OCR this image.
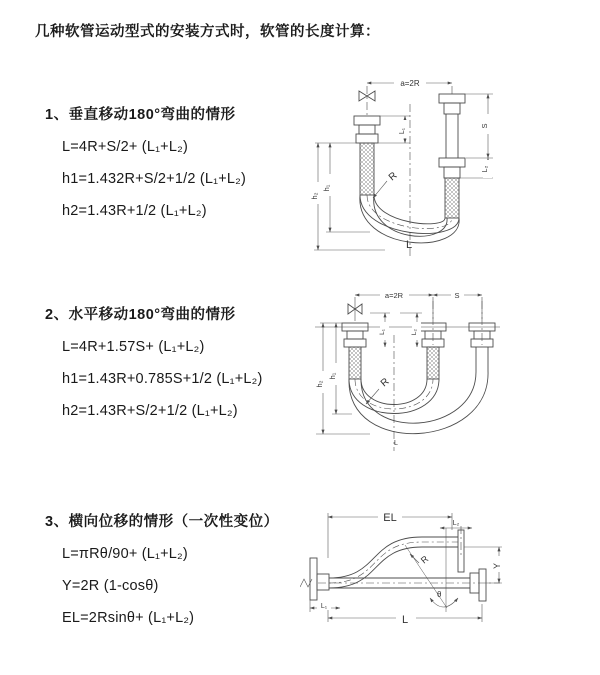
几种软管运动型式的安装方式时，软管的长度计算：
1、垂直移动180°弯曲的情形
L=4R+S/2+ (L₁+L₂)
h1=1.432R+S/2+1/2 (L₁+L₂)
h2=1.43R+1/2 (L₁+L₂)
a=2R
h₂
h₁
L₁
S
L₂
R
L
2、水平移动180°弯曲的情形
L=4R+1.57S+ (L₁+L₂)
h1=1.43R+0.785S+1/2 (L₁+L₂)
h2=1.43R+S/2+1/2 (L₁+L₂)
a=2R	S
h₂
h₁
L₁	L₂
R
L
3、横向位移的情形（一次性变位）
L=πRθ/90+ (L₁+L₂)
Y=2R (1-cosθ)
EL=2Rsinθ+ (L₁+L₂)
EL	L₂
Y
L
L₁
R
θ
